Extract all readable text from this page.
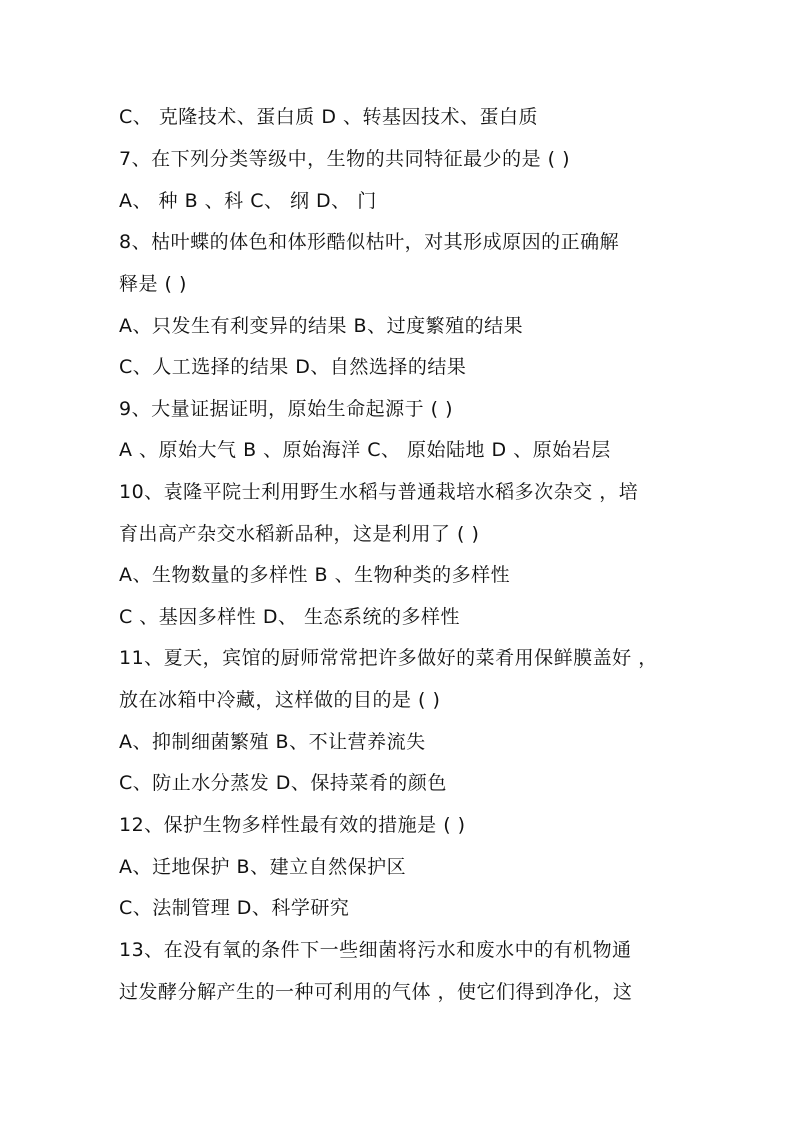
C、 克隆技术、蛋白质 D 、转基因技术、蛋白质
7、在下列分类等级中，生物的共同特征最少的是 ( )
A、 种 B 、科 C、 纲 D、 门
8、枯叶蝶的体色和体形酷似枯叶，对其形成原因的正确解
释是 ( )
A、只发生有利变异的结果 B、过度繁殖的结果
C、人工选择的结果 D、自然选择的结果
9、大量证据证明，原始生命起源于 ( )
A 、原始大气 B 、原始海洋 C、 原始陆地 D 、原始岩层
10、袁隆平院士利用野生水稻与普通栽培水稻多次杂交 ，培
育出高产杂交水稻新品种，这是利用了 ( )
A、生物数量的多样性 B 、生物种类的多样性
C 、基因多样性 D、 生态系统的多样性
11、夏天，宾馆的厨师常常把许多做好的菜肴用保鲜膜盖好 ，
放在冰箱中冷藏，这样做的目的是 ( )
A、抑制细菌繁殖 B、不让营养流失
C、防止水分蒸发 D、保持菜肴的颜色
12、保护生物多样性最有效的措施是 ( )
A、迁地保护 B、建立自然保护区
C、法制管理 D、科学研究
13、在没有氧的条件下一些细菌将污水和废水中的有机物通
过发酵分解产生的一种可利用的气体 ，使它们得到净化，这
